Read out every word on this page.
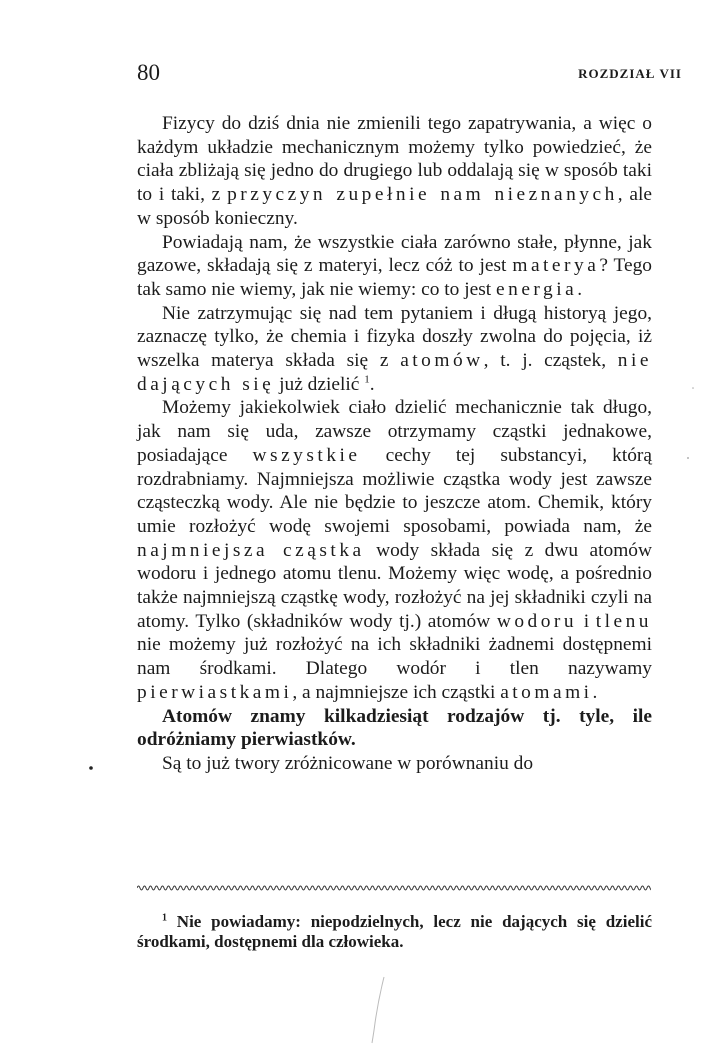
80	ROZDZIAŁ VII

Fizycy do dziś dnia nie zmienili tego zapatrywania, a więc o każdym układzie mechanicznym możemy tylko powiedzieć, że ciała zbliżają się jedno do drugiego lub oddalają się w sposób taki to i taki, z przyczyn zupełnie nam nieznanych, ale w sposób konieczny.

Powiadają nam, że wszystkie ciała zarówno stałe, płynne, jak gazowe, składają się z materyi, lecz cóż to jest materya? Tego tak samo nie wiemy, jak nie wiemy: co to jest energia.

Nie zatrzymując się nad tem pytaniem i długą historyą jego, zaznaczę tylko, że chemia i fizyka doszły zwolna do pojęcia, iż wszelka materya składa się z atomów, t. j. cząstek, nie dających się już dzielić $^1$.

Możemy jakiekolwiek ciało dzielić mechanicznie tak długo, jak nam się uda, zawsze otrzymamy cząstki jednakowe, posiadające wszystkie cechy tej substancyi, którą rozdrabniamy. Najmniejsza możliwie cząstka wody jest zawsze cząsteczką wody. Ale nie będzie to jeszcze atom. Chemik, który umie rozłożyć wodę swojemi sposobami, powiada nam, że najmniejsza cząstka wody składa się z dwu atomów wodoru i jednego atomu tlenu. Możemy więc wodę, a pośrednio także najmniejszą cząstkę wody, rozłożyć na jej składniki czyli na atomy. Tylko (składników wody tj.) atomów wodoru i tlenu nie możemy już rozłożyć na ich składniki żadnemi dostępnemi nam środkami. Dlatego wodór i tlen nazywamy pierwiastkami, a najmniejsze ich cząstki atomami.

Atomów znamy kilkadziesiąt rodzajów tj. tyle, ile odróżniamy pierwiastków.

Są to już twory zróżnicowane w porównaniu do

$^1$ Nie powiadamy: niepodzielnych, lecz nie dających się dzielić środkami, dostępnemi dla człowieka.
